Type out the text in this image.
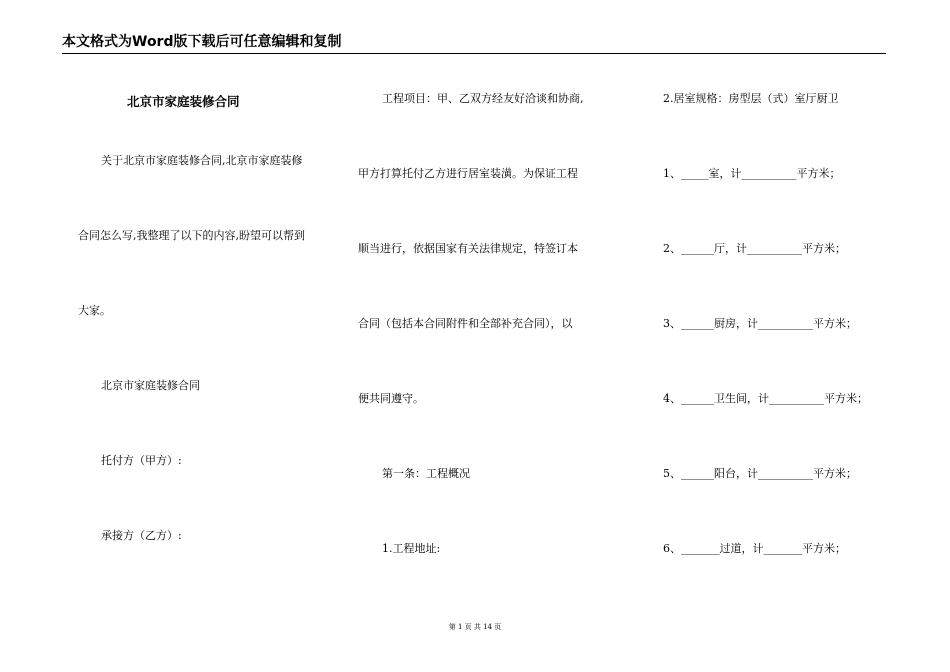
本文格式为Word版下载后可任意编辑和复制
北京市家庭装修合同
关于北京市家庭装修合同,北京市家庭装修
合同怎么写,我整理了以下的内容,盼望可以帮到
大家。
北京市家庭装修合同
托付方（甲方）:
承接方（乙方）:
工程项目：甲、乙双方经友好洽谈和协商,
甲方打算托付乙方进行居室装潢。为保证工程
顺当进行，依据国家有关法律规定，特签订本
合同（包括本合同附件和全部补充合同），以
便共同遵守。
第一条：工程概况
1.工程地址:
2.居室规格：房型层（式）室厅厨卫
1、_____室，计__________平方米；
2、______厅，计__________平方米；
3、______厨房，计__________平方米；
4、______卫生间，计__________平方米；
5、______阳台，计__________平方米；
6、_______过道，计_______平方米；
第 1 页 共 14 页
